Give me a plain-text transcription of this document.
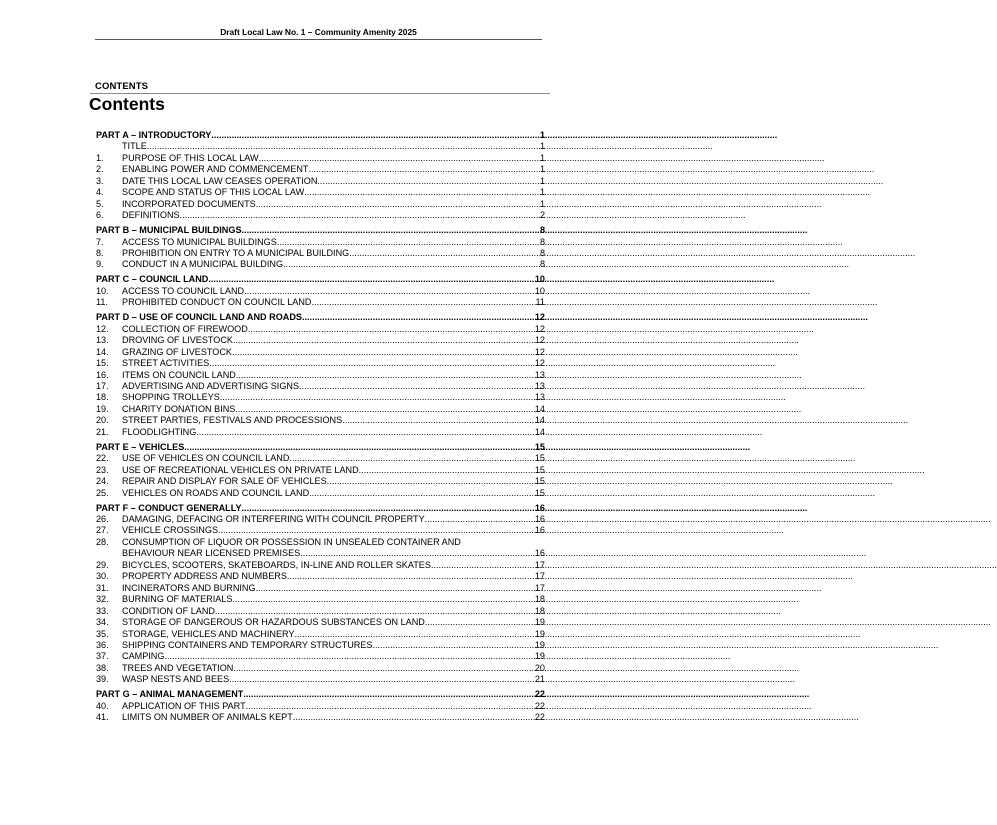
Draft Local Law No. 1 – Community Amenity 2025
CONTENTS
Contents
PART A – INTRODUCTORY .....	1
TITLE .....	1
1.	PURPOSE OF THIS LOCAL LAW .....	1
2.	ENABLING POWER AND COMMENCEMENT .....	1
3.	DATE THIS LOCAL LAW CEASES OPERATION .....	1
4.	SCOPE AND STATUS OF THIS LOCAL LAW .....	1
5.	INCORPORATED DOCUMENTS .....	1
6.	DEFINITIONS .....	2
PART B – MUNICIPAL BUILDINGS .....	8
7.	ACCESS TO MUNICIPAL BUILDINGS .....	8
8.	PROHIBITION ON ENTRY TO A MUNICIPAL BUILDING .....	8
9.	CONDUCT IN A MUNICIPAL BUILDING .....	8
PART C – COUNCIL LAND .....	10
10.	ACCESS TO COUNCIL LAND .....	10
11.	PROHIBITED CONDUCT ON COUNCIL LAND .....	11
PART D – USE OF COUNCIL LAND AND ROADS .....	12
12.	COLLECTION OF FIREWOOD .....	12
13.	DROVING OF LIVESTOCK .....	12
14.	GRAZING OF LIVESTOCK .....	12
15.	STREET ACTIVITIES .....	12
16.	ITEMS ON COUNCIL LAND .....	13
17.	ADVERTISING AND ADVERTISING SIGNS .....	13
18.	SHOPPING TROLLEYS .....	13
19.	CHARITY DONATION BINS .....	14
20.	STREET PARTIES, FESTIVALS AND PROCESSIONS .....	14
21.	FLOODLIGHTING .....	14
PART E – VEHICLES .....	15
22.	USE OF VEHICLES ON COUNCIL LAND .....	15
23.	USE OF RECREATIONAL VEHICLES ON PRIVATE LAND .....	15
24.	REPAIR AND DISPLAY FOR SALE OF VEHICLES .....	15
25.	VEHICLES ON ROADS AND COUNCIL LAND .....	15
PART F – CONDUCT GENERALLY .....	16
26.	DAMAGING, DEFACING OR INTERFERING WITH COUNCIL PROPERTY .....	16
27.	VEHICLE CROSSINGS .....	16
28.	CONSUMPTION OF LIQUOR OR POSSESSION IN UNSEALED CONTAINER AND
BEHAVIOUR NEAR LICENSED PREMISES .....	16
29.	BICYCLES, SCOOTERS, SKATEBOARDS, IN-LINE AND ROLLER SKATES .....	17
30.	PROPERTY ADDRESS AND NUMBERS .....	17
31.	INCINERATORS AND BURNING .....	17
32.	BURNING OF MATERIALS .....	18
33.	CONDITION OF LAND .....	18
34.	STORAGE OF DANGEROUS OR HAZARDOUS SUBSTANCES ON LAND .....	19
35.	STORAGE, VEHICLES AND MACHINERY .....	19
36.	SHIPPING CONTAINERS AND TEMPORARY STRUCTURES .....	19
37.	CAMPING .....	19
38.	TREES AND VEGETATION .....	20
39.	WASP NESTS AND BEES .....	21
PART G – ANIMAL MANAGEMENT .....	22
40.	APPLICATION OF THIS PART .....	22
41.	LIMITS ON NUMBER OF ANIMALS KEPT .....	22
